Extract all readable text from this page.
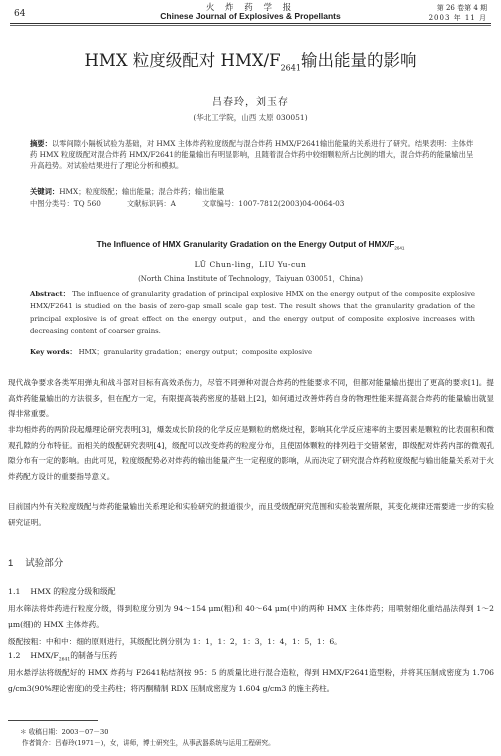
64
火 炸 药 学 报
Chinese Journal of Explosives & Propellants
第 26 卷第 4 期
2003 年 11 月
HMX 粒度级配对 HMX/$F_{2641}$输出能量的影响
吕春玲，刘玉存
(华北工学院，山西 太原 030051)
摘要：以零间隙小隔板试验为基础，对 HMX 主体炸药粒度级配与混合炸药 HMX/F2641输出能量的关系进行了研究。结果表明：主体炸药 HMX 粒度级配对混合炸药 HMX/F2641的能量输出有明显影响，且随着混合炸药中较细颗粒所占比例的增大，混合炸药的能量输出呈升高趋势。对试验结果进行了理论分析和模拟。
关键词：HMX；粒度级配；输出能量；混合炸药；输出能量
中图分类号：TQ 560	文献标识码：A	文章编号：1007-7812(2003)04-0064-03
The Influence of HMX Granularity Gradation on the Energy Output of HMX/$F_{2641}$
LÜ Chun-ling，LIU Yu-cun
(North China Institute of Technology，Taiyuan 030051，China)
Abstract： The influence of granularity gradation of principal explosive HMX on the energy output of the composite explosive HMX/F2641 is studied on the basis of zero-gap small scale gap test. The result shows that the granularity gradation of the principal explosive is of great effect on the energy output，and the energy output of composite explosive increases with decreasing content of coarser grains.
Key words： HMX；granularity gradation；energy output；composite explosive
现代战争要求各类军用弹丸和战斗部对目标有高效杀伤力，尽管不同弹种对混合炸药的性能要求不同，但都对能量输出提出了更高的要求[1]。提高炸药能量输出的方法很多，但在配方一定，有限提高装药密度的基础上[2]，如何通过改善炸药自身的物理性能来提高混合炸药的能量输出就显得非常重要。
非均相炸药的两阶段起爆理论研究表明[3]，爆轰成长阶段的化学反应是颗粒的燃烧过程，影响其化学反应速率的主要因素是颗粒的比表面积和微观孔隙的分布特征。而相关的级配研究表明[4]，级配可以改变炸药的粒度分布，且使固体颗粒的排列趋于交错紧密，即级配对炸药内部的微观孔隙分布有一定的影响。由此可见，粒度级配势必对炸药的输出能量产生一定程度的影响，从而决定了研究混合炸药粒度级配与输出能量关系对于火炸药配方设计的重要指导意义。
目前国内外有关粒度级配与炸药能量输出关系理论和实验研究的报道很少，而且受级配研究范围和实验装置所限，其变化规律还需要进一步的实验研究证明。
1 试验部分
1.1 HMX 的粒度分级和级配
用水筛法将炸药进行粒度分级，得到粒度分别为 94～154 μm(粗)和 40～64 μm(中)的两种 HMX 主体炸药；用喷射细化重结晶法得到 1～2 μm(细)的 HMX 主体炸药。
级配按粗：中和中：细的原则进行，其级配比例分别为 1：1，1：2，1：3，1：4，1：5，1：6。
1.2 HMX/$F_{2641}$的制备与压药
用水悬浮法将级配好的 HMX 炸药与 F2641粘结剂按 95：5 的质量比进行混合造粒，得到 HMX/F2641造型粉，并将其压制成密度为 1.706 g/cm3(90%理论密度)的受主药柱；将丙酮精制 RDX 压制成密度为 1.604 g/cm3 的施主药柱。
＊ 收稿日期：2003－07－30
作者简介：吕春玲(1971－)，女，讲师，博士研究生，从事武器系统与运用工程研究。
